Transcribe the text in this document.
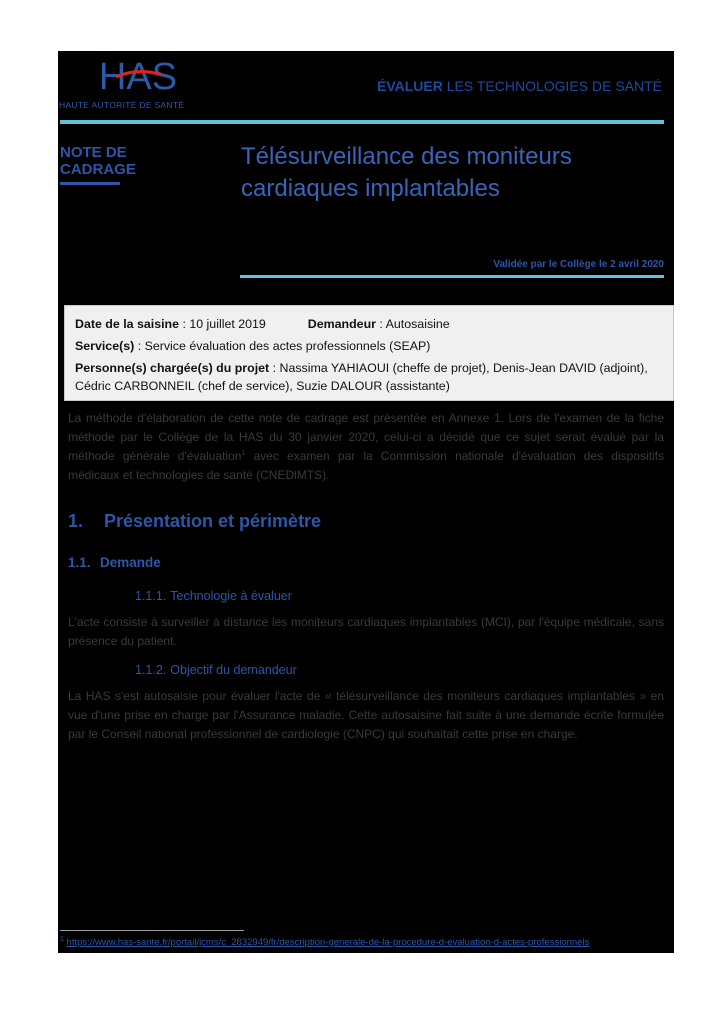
HAS
HAUTE AUTORITÉ DE SANTÉ
ÉVALUER LES TECHNOLOGIES DE SANTÉ
NOTE DE
CADRAGE	Télésurveillance des moniteurs cardiaques implantables
Validée par le Collège le 2 avril 2020

Date de la saisine : 10 juillet 2019	Demandeur : Autosaisine

Service(s) : Service évaluation des actes professionnels (SEAP)

Personne(s) chargée(s) du projet : Nassima YAHIAOUI (cheffe de projet), Denis-Jean DAVID (adjoint), Cédric CARBONNEIL (chef de service), Suzie DALOUR (assistante)

La méthode d'élaboration de cette note de cadrage est présentée en Annexe 1. Lors de l'examen de la fiche méthode par le Collège de la HAS du 30 janvier 2020, celui-ci a décidé que ce sujet serait évalué par la méthode générale d'évaluation$^1$ avec examen par la Commission nationale d'évaluation des dispositifs médicaux et technologies de santé (CNEDiMTS).
1. Présentation et périmètre
1.1. Demande
1.1.1. Technologie à évaluer
L'acte consiste à surveiller à distance les moniteurs cardiaques implantables (MCI), par l'équipe médicale, sans présence du patient.
1.1.2. Objectif du demandeur
La HAS s'est autosaisie pour évaluer l'acte de « télésurveillance des moniteurs cardiaques implantables » en vue d'une prise en charge par l'Assurance maladie. Cette autosaisine fait suite à une demande écrite formulée par le Conseil national professionnel de cardiologie (CNPC) qui souhaitait cette prise en charge.
$^1$ https://www.has-sante.fr/portail/jcms/c_2832949/fr/description-generale-de-la-procedure-d-evaluation-d-actes-professionnels
